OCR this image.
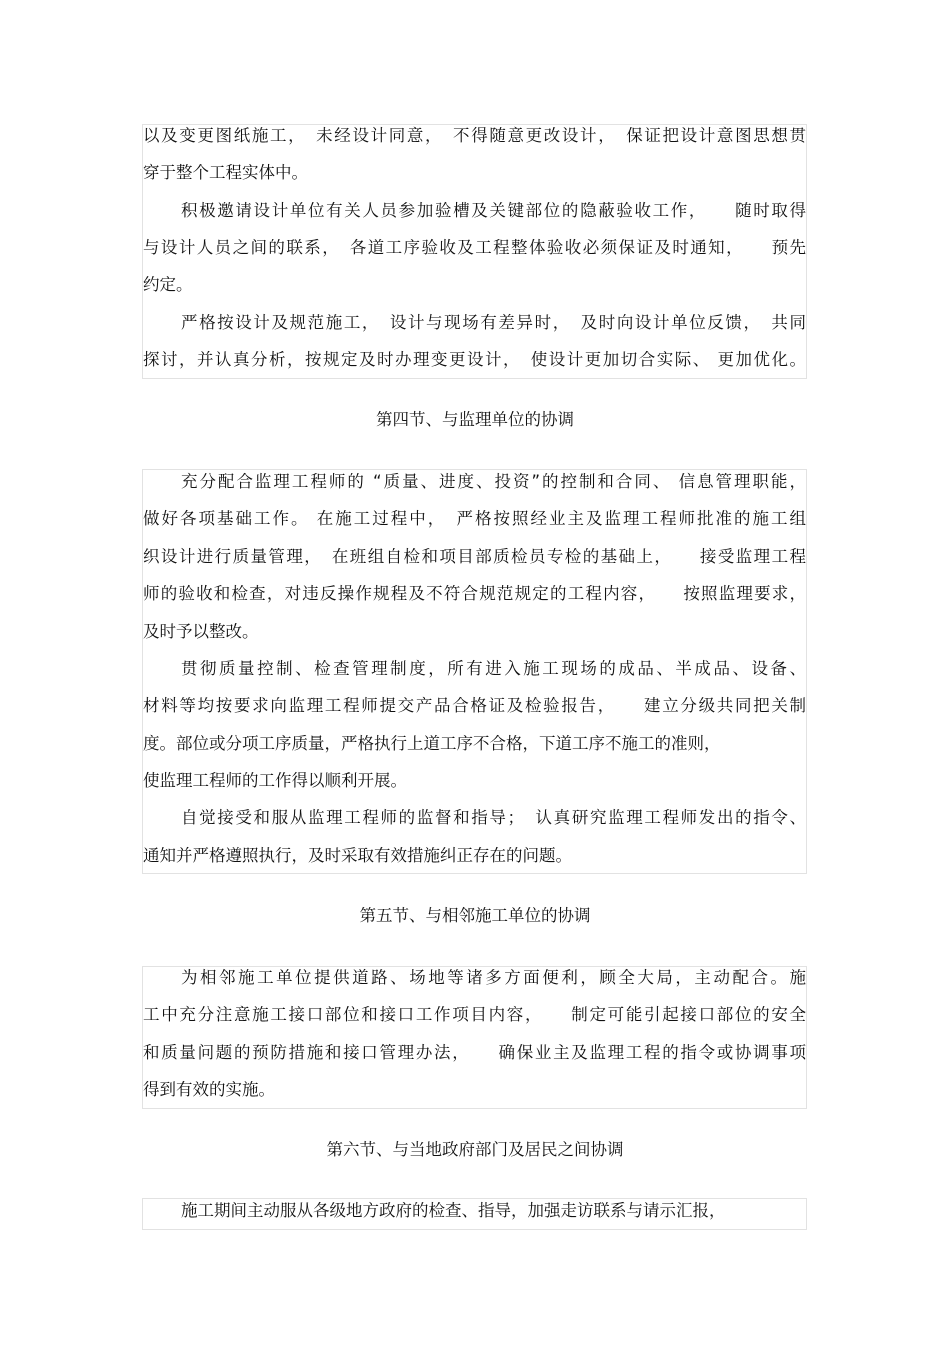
以及变更图纸施工，　未经设计同意，　不得随意更改设计，　保证把设计意图思想贯
穿于整个工程实体中。
积极邀请设计单位有关人员参加验槽及关键部位的隐蔽验收工作，　　随时取得
与设计人员之间的联系，　各道工序验收及工程整体验收必须保证及时通知，　　预先
约定。
严格按设计及规范施工，　设计与现场有差异时，　及时向设计单位反馈，　共同
探讨，并认真分析，按规定及时办理变更设计，　使设计更加切合实际、 更加优化。
第四节、与监理单位的协调
充分配合监理工程师的 “质量、进度、投资”的控制和合同、 信息管理职能，
做好各项基础工作。 在施工过程中，　严格按照经业主及监理工程师批准的施工组
织设计进行质量管理，　在班组自检和项目部质检员专检的基础上，　　接受监理工程
师的验收和检查，对违反操作规程及不符合规范规定的工程内容，　　按照监理要求，
及时予以整改。
贯彻质量控制、检查管理制度，所有进入施工现场的成品、半成品、设备、
材料等均按要求向监理工程师提交产品合格证及检验报告，　　建立分级共同把关制
度。部位或分项工序质量，严格执行上道工序不合格，下道工序不施工的准则，
使监理工程师的工作得以顺利开展。
自觉接受和服从监理工程师的监督和指导；　认真研究监理工程师发出的指令、
通知并严格遵照执行，及时采取有效措施纠正存在的问题。
第五节、与相邻施工单位的协调
为相邻施工单位提供道路、场地等诸多方面便利，顾全大局，主动配合。施
工中充分注意施工接口部位和接口工作项目内容，　　制定可能引起接口部位的安全
和质量问题的预防措施和接口管理办法，　　确保业主及监理工程的指令或协调事项
得到有效的实施。
第六节、与当地政府部门及居民之间协调
施工期间主动服从各级地方政府的检查、指导，加强走访联系与请示汇报，
